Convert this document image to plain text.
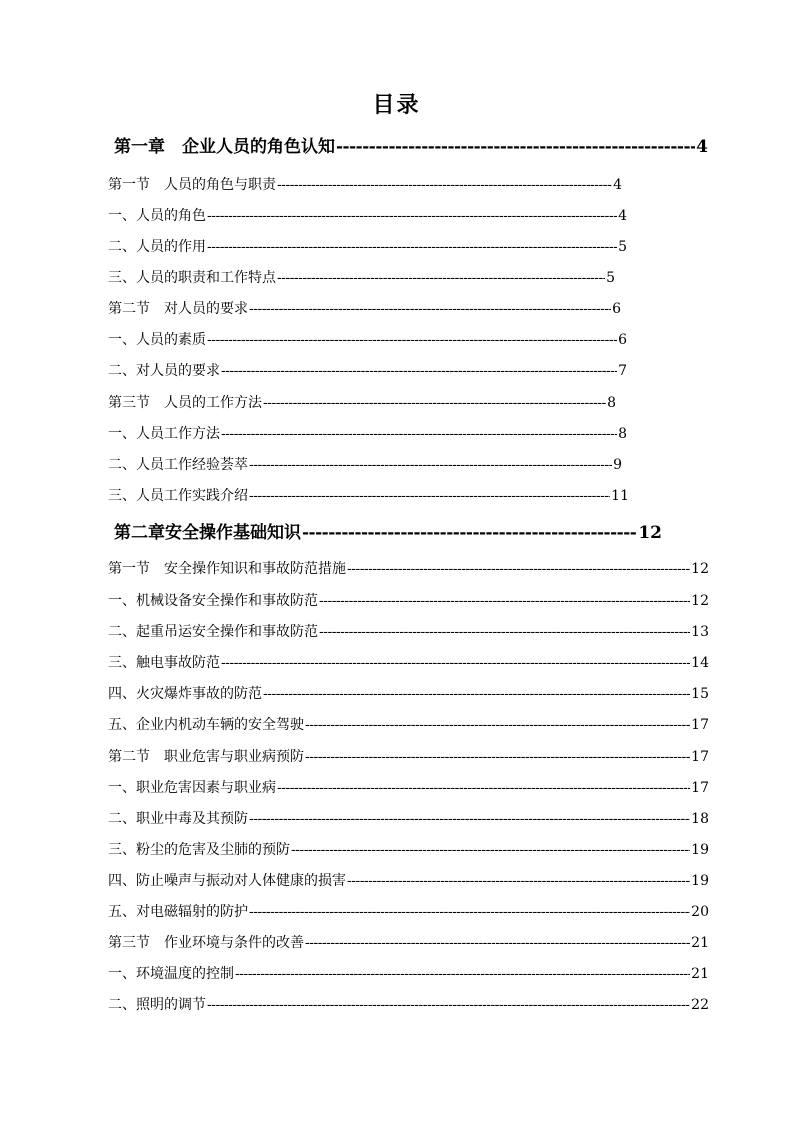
目录
第一章　企业人员的角色认知 -----	4
第一节　人员的角色与职责 -----	4
一、人员的角色 -----	4
二、人员的作用 -----	5
三、人员的职责和工作特点 -----	5
第二节　对人员的要求 -----	6
一、人员的素质 -----	6
二、对人员的要求 -----	7
第三节　人员的工作方法 -----	8
一、人员工作方法 -----	8
二、人员工作经验荟萃 -----	9
三、人员工作实践介绍 -----	11
第二章安全操作基础知识 -----	12
第一节　安全操作知识和事故防范措施 -----	12
一、机械设备安全操作和事故防范 -----	12
二、起重吊运安全操作和事故防范 -----	13
三、触电事故防范 -----	14
四、火灾爆炸事故的防范 -----	15
五、企业内机动车辆的安全驾驶 -----	17
第二节　职业危害与职业病预防 -----	17
一、职业危害因素与职业病 -----	17
二、职业中毒及其预防 -----	18
三、粉尘的危害及尘肺的预防 -----	19
四、防止噪声与振动对人体健康的损害 -----	19
五、对电磁辐射的防护 -----	20
第三节　作业环境与条件的改善 -----	21
一、环境温度的控制 -----	21
二、照明的调节 -----	22
